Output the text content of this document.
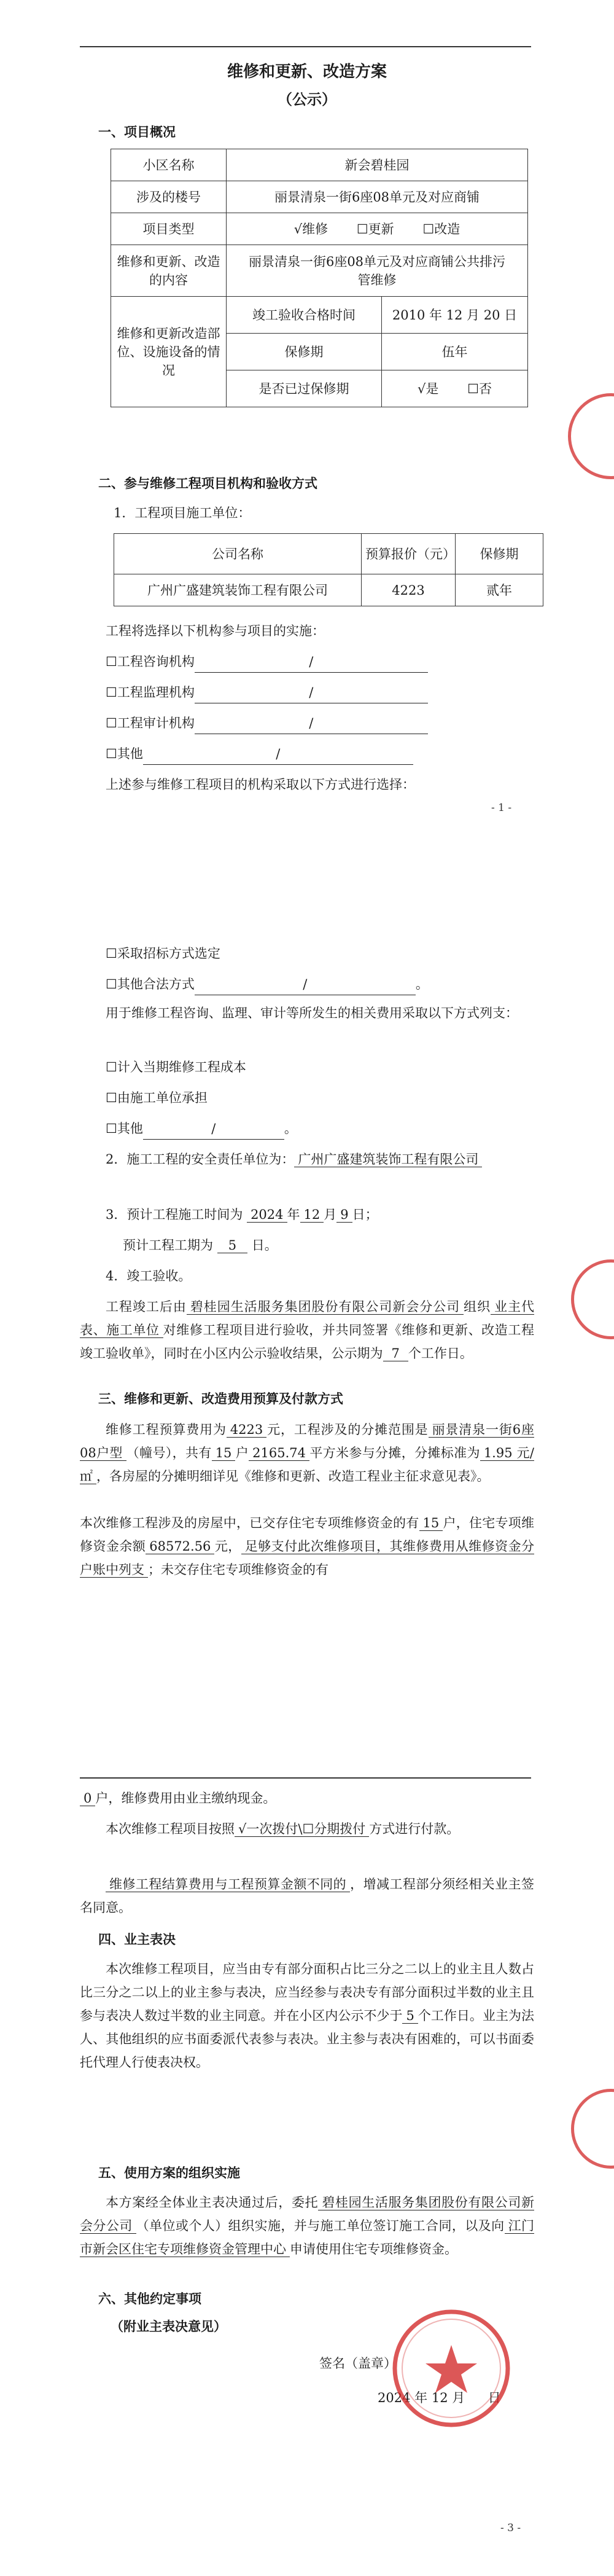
维修和更新、改造方案
（公示）
一、项目概况
小区名称	新会碧桂园	
涉及的楼号	丽景清泉一街6座08单元及对应商铺	
项目类型	√维修 ☐更新 ☐改造	
维修和更新、改造的内容	丽景清泉一街6座08单元及对应商铺公共排污管维修	
维修和更新改造部位、设施设备的情况	竣工验收合格时间	2010 年 12 月 20 日
	保修期	伍年
	是否已过保修期	√是 ☐否
二、参与维修工程项目机构和验收方式
1．工程项目施工单位：
公司名称	预算报价（元）	保修期
广州广盛建筑装饰工程有限公司	4223	贰年
工程将选择以下机构参与项目的实施：
☐工程咨询机构	/
☐工程监理机构	/
☐工程审计机构	/
☐其他	/
上述参与维修工程项目的机构采取以下方式进行选择：
- 1 -
☐采取招标方式选定
☐其他合法方式	/	。
用于维修工程咨询、监理、审计等所发生的相关费用采取以下方式列支：
☐计入当期维修工程成本
☐由施工单位承担
☐其他	/	。
2．施工工程的安全责任单位为： 广州广盛建筑装饰工程有限公司
3．预计工程施工时间为 2024 年 12 月 9 日；
预计工程工期为 5 日。
4．竣工验收。
工程竣工后由 碧桂园生活服务集团股份有限公司新会分公司 组织 业主代表、施工单位 对维修工程项目进行验收，并共同签署《维修和更新、改造工程竣工验收单》，同时在小区内公示验收结果，公示期为 7 个工作日。
三、维修和更新、改造费用预算及付款方式
维修工程预算费用为 4223 元，工程涉及的分摊范围是 丽景清泉一街6座08户型 （幢号），共有 15 户 2165.74 平方米参与分摊，分摊标准为 1.95 元/㎡ ，各房屋的分摊明细详见《维修和更新、改造工程业主征求意见表》。
本次维修工程涉及的房屋中，已交存住宅专项维修资金的有 15 户，住宅专项维修资金余额 68572.56 元， 足够支付此次维修项目，其维修费用从维修资金分户账中列支 ；未交存住宅专项维修资金的有
0 户，维修费用由业主缴纳现金。
本次维修工程项目按照 √一次拨付\☐分期拨付 方式进行付款。
维修工程结算费用与工程预算金额不同的 ，增减工程部分须经相关业主签名同意。
四、业主表决
本次维修工程项目，应当由专有部分面积占比三分之二以上的业主且人数占比三分之二以上的业主参与表决，应当经参与表决专有部分面积过半数的业主且参与表决人数过半数的业主同意。并在小区内公示不少于 5 个工作日。业主为法人、其他组织的应书面委派代表参与表决。业主参与表决有困难的，可以书面委托代理人行使表决权。
五、使用方案的组织实施
本方案经全体业主表决通过后，委托 碧桂园生活服务集团股份有限公司新会分公司 （单位或个人）组织实施，并与施工单位签订施工合同，以及向 江门市新会区住宅专项维修资金管理中心 申请使用住宅专项维修资金。
六、其他约定事项
（附业主表决意见）
签名（盖章）
2024 年 12 月 日
- 3 -
